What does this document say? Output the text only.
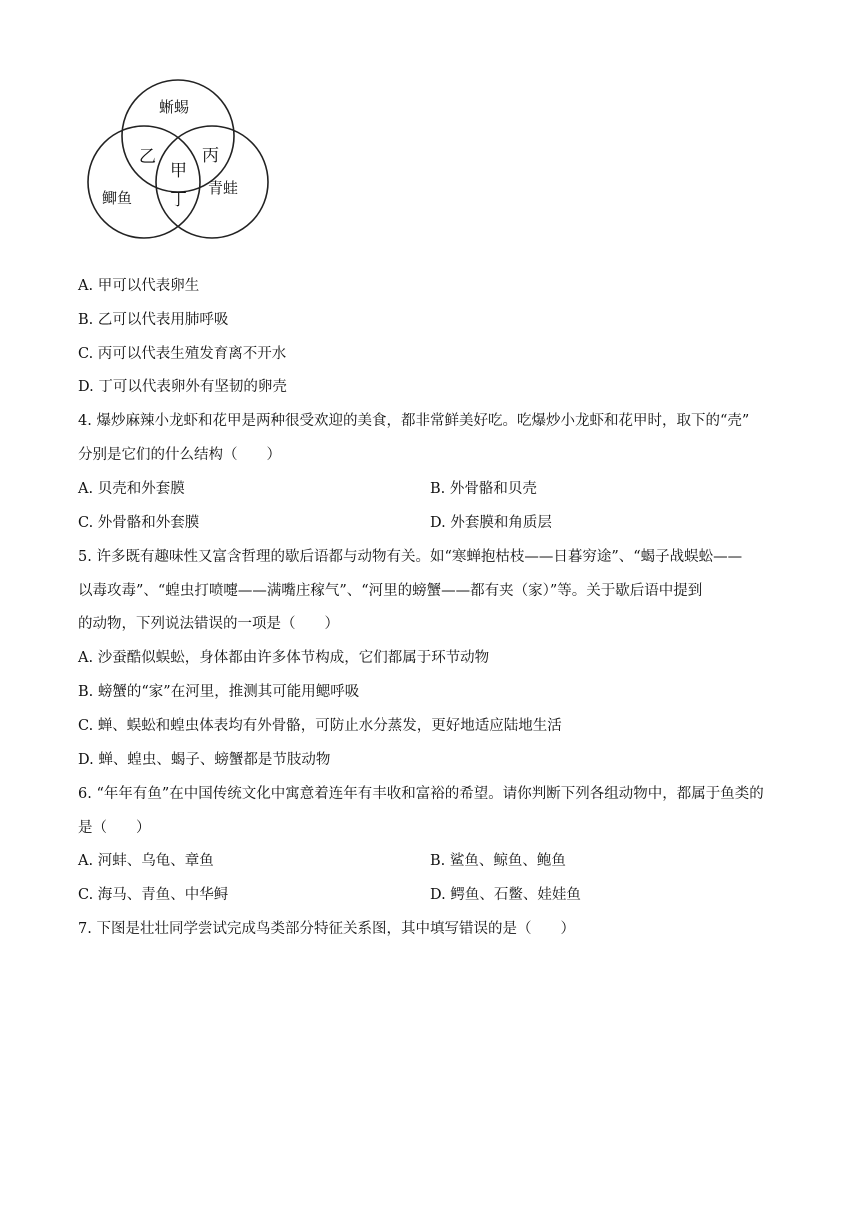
蜥蜴
鲫鱼
青蛙
乙	丙
甲
丁
A. 甲可以代表卵生
B. 乙可以代表用肺呼吸
C. 丙可以代表生殖发育离不开水
D. 丁可以代表卵外有坚韧的卵壳
4. 爆炒麻辣小龙虾和花甲是两种很受欢迎的美食，都非常鲜美好吃。吃爆炒小龙虾和花甲时，取下的“壳”
分别是它们的什么结构（　　）
A. 贝壳和外套膜	B. 外骨骼和贝壳
C. 外骨骼和外套膜	D. 外套膜和角质层
5. 许多既有趣味性又富含哲理的歇后语都与动物有关。如“寒蝉抱枯枝——日暮穷途”、“蝎子战蜈蚣——
以毒攻毒”、“蝗虫打喷嚏——满嘴庄稼气”、“河里的螃蟹——都有夹（家）”等。关于歇后语中提到
的动物，下列说法错误的一项是（　　）
A. 沙蚕酷似蜈蚣，身体都由许多体节构成，它们都属于环节动物
B. 螃蟹的“家”在河里，推测其可能用鳃呼吸
C. 蝉、蜈蚣和蝗虫体表均有外骨骼，可防止水分蒸发，更好地适应陆地生活
D. 蝉、蝗虫、蝎子、螃蟹都是节肢动物
6. “年年有鱼”在中国传统文化中寓意着连年有丰收和富裕的希望。请你判断下列各组动物中，都属于鱼类的
是（　　）
A. 河蚌、乌龟、章鱼	B. 鲨鱼、鲸鱼、鲍鱼
C. 海马、青鱼、中华鲟	D. 鳄鱼、石鳖、娃娃鱼
7. 下图是壮壮同学尝试完成鸟类部分特征关系图，其中填写错误的是（　　）
